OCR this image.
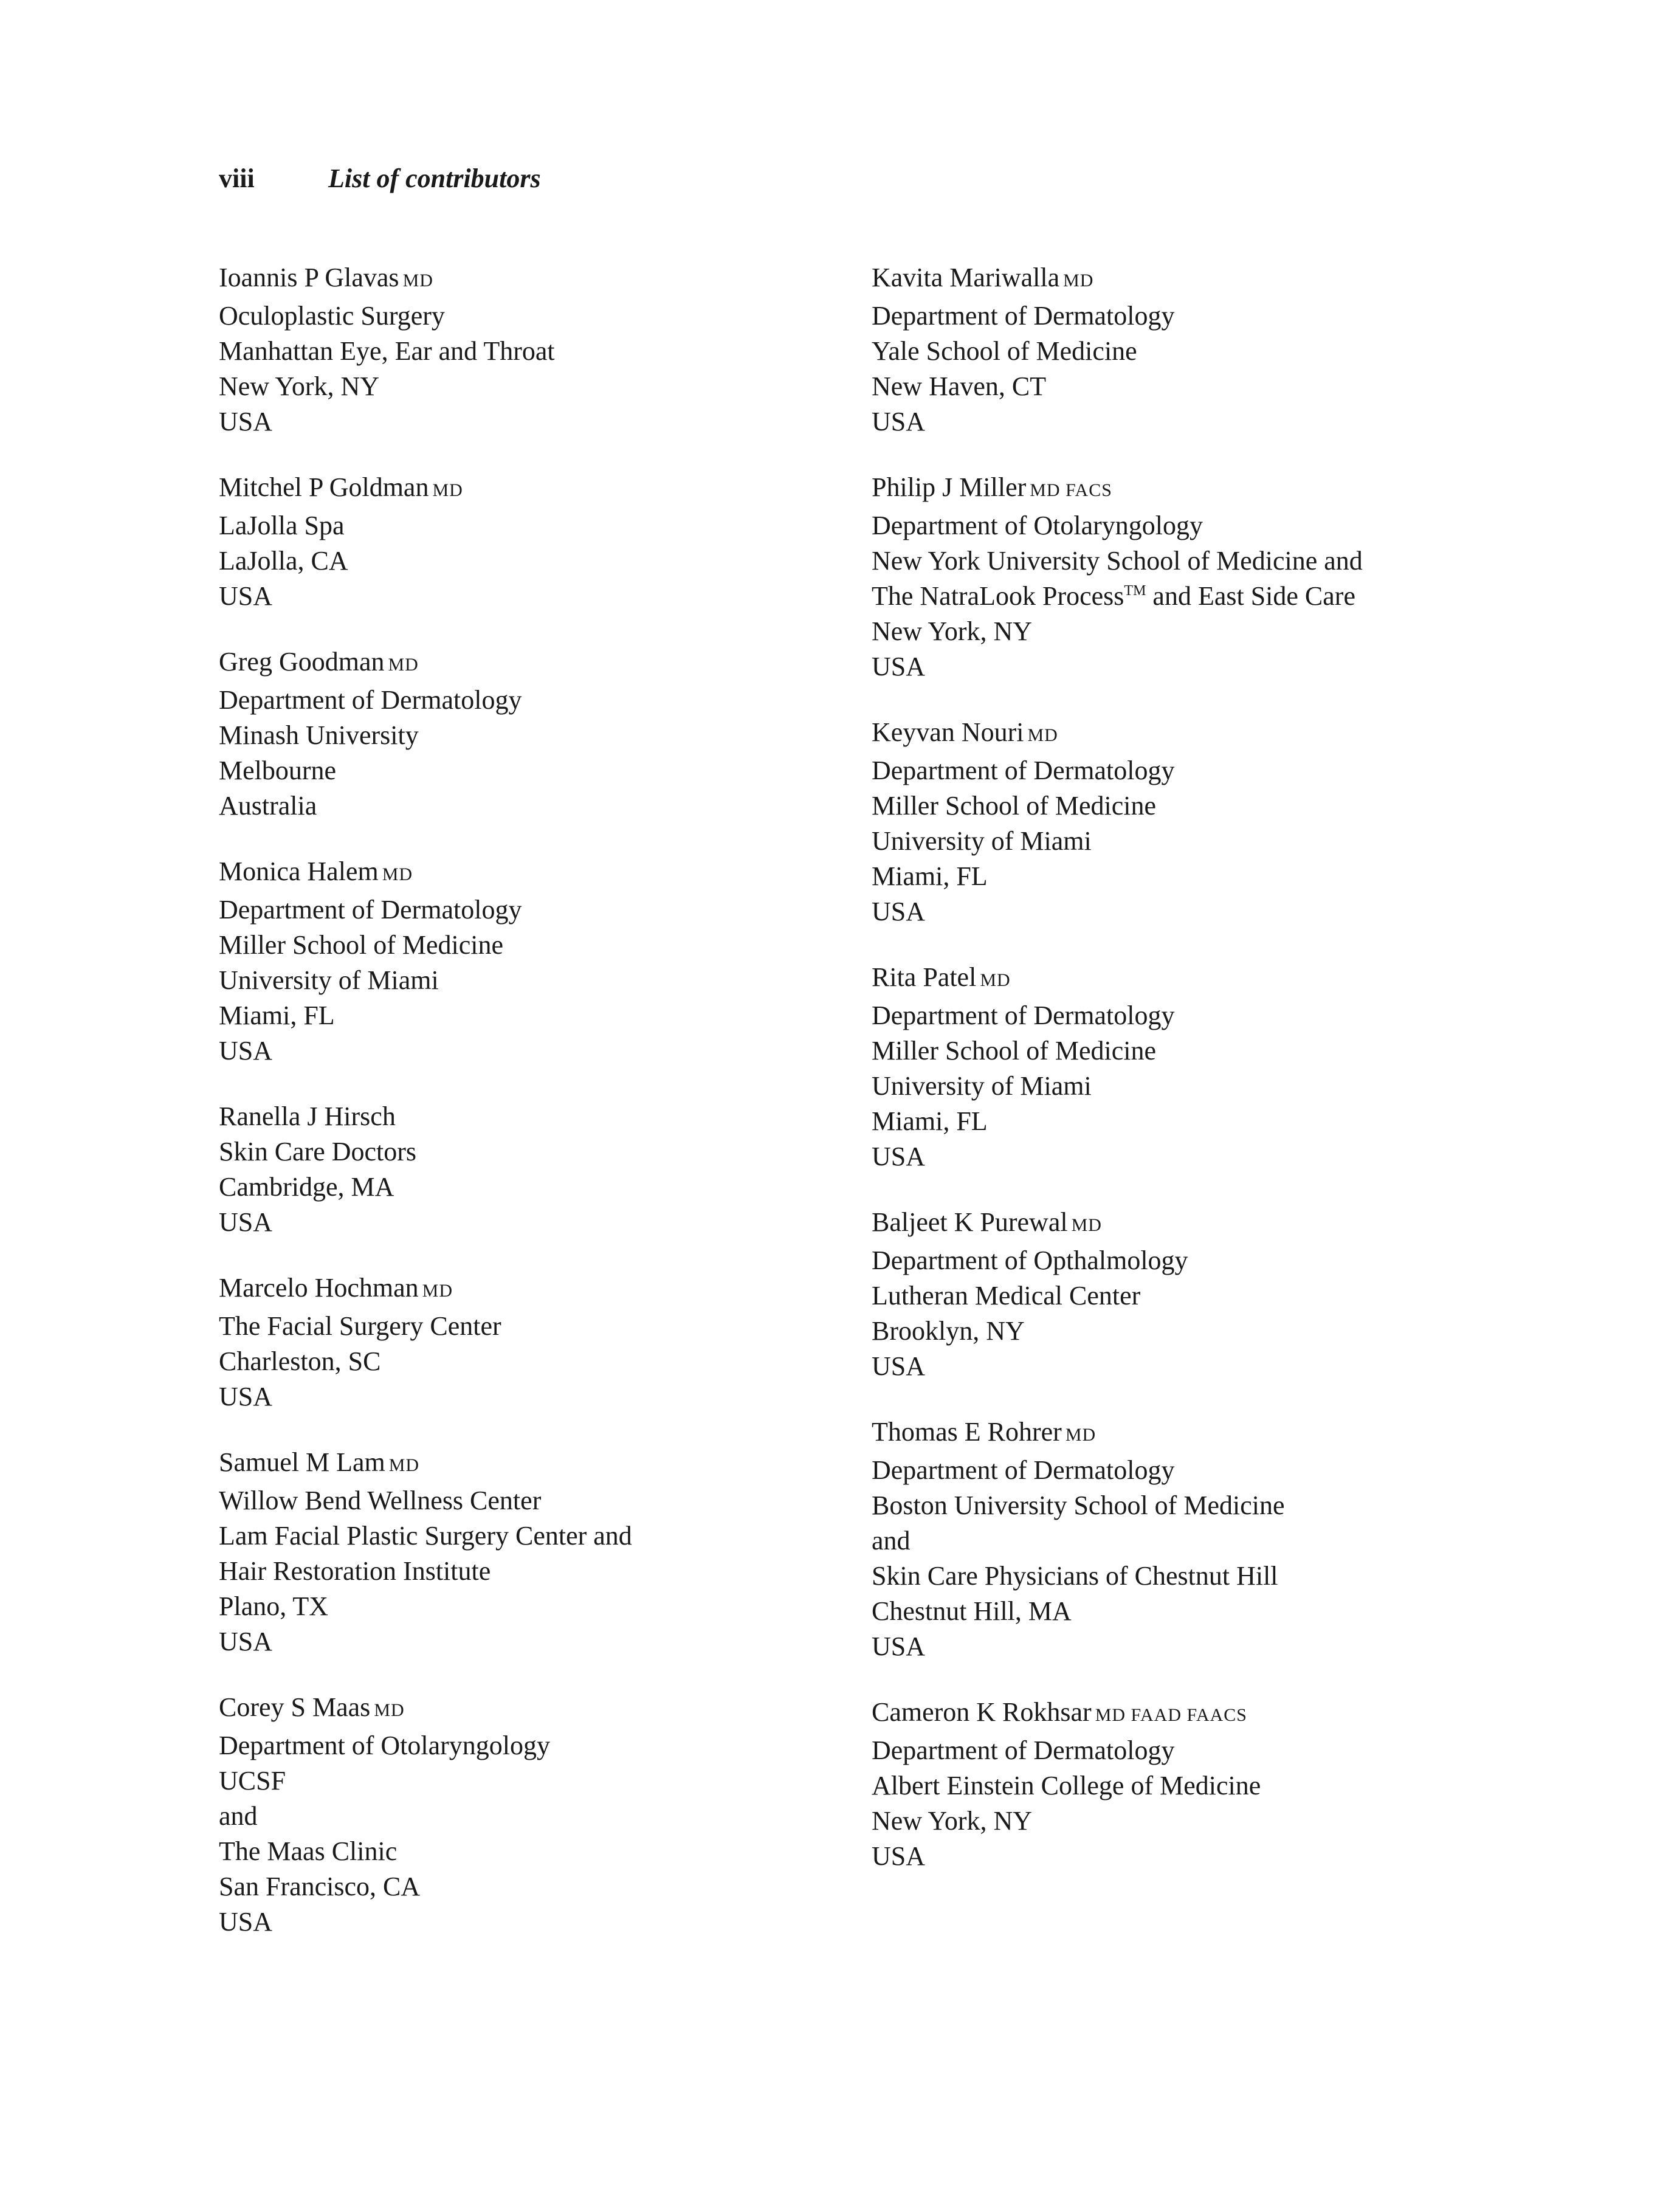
viii	List of contributors
Ioannis P Glavas MD
Oculoplastic Surgery
Manhattan Eye, Ear and Throat
New York, NY
USA
Mitchel P Goldman MD
LaJolla Spa
LaJolla, CA
USA
Greg Goodman MD
Department of Dermatology
Minash University
Melbourne
Australia
Monica Halem MD
Department of Dermatology
Miller School of Medicine
University of Miami
Miami, FL
USA
Ranella J Hirsch
Skin Care Doctors
Cambridge, MA
USA
Marcelo Hochman MD
The Facial Surgery Center
Charleston, SC
USA
Samuel M Lam MD
Willow Bend Wellness Center
Lam Facial Plastic Surgery Center and
Hair Restoration Institute
Plano, TX
USA
Corey S Maas MD
Department of Otolaryngology
UCSF
and
The Maas Clinic
San Francisco, CA
USA
Kavita Mariwalla MD
Department of Dermatology
Yale School of Medicine
New Haven, CT
USA
Philip J Miller MD FACS
Department of Otolaryngology
New York University School of Medicine and
The NatraLook Process™ and East Side Care
New York, NY
USA
Keyvan Nouri MD
Department of Dermatology
Miller School of Medicine
University of Miami
Miami, FL
USA
Rita Patel MD
Department of Dermatology
Miller School of Medicine
University of Miami
Miami, FL
USA
Baljeet K Purewal MD
Department of Opthalmology
Lutheran Medical Center
Brooklyn, NY
USA
Thomas E Rohrer MD
Department of Dermatology
Boston University School of Medicine
and
Skin Care Physicians of Chestnut Hill
Chestnut Hill, MA
USA
Cameron K Rokhsar MD FAAD FAACS
Department of Dermatology
Albert Einstein College of Medicine
New York, NY
USA
